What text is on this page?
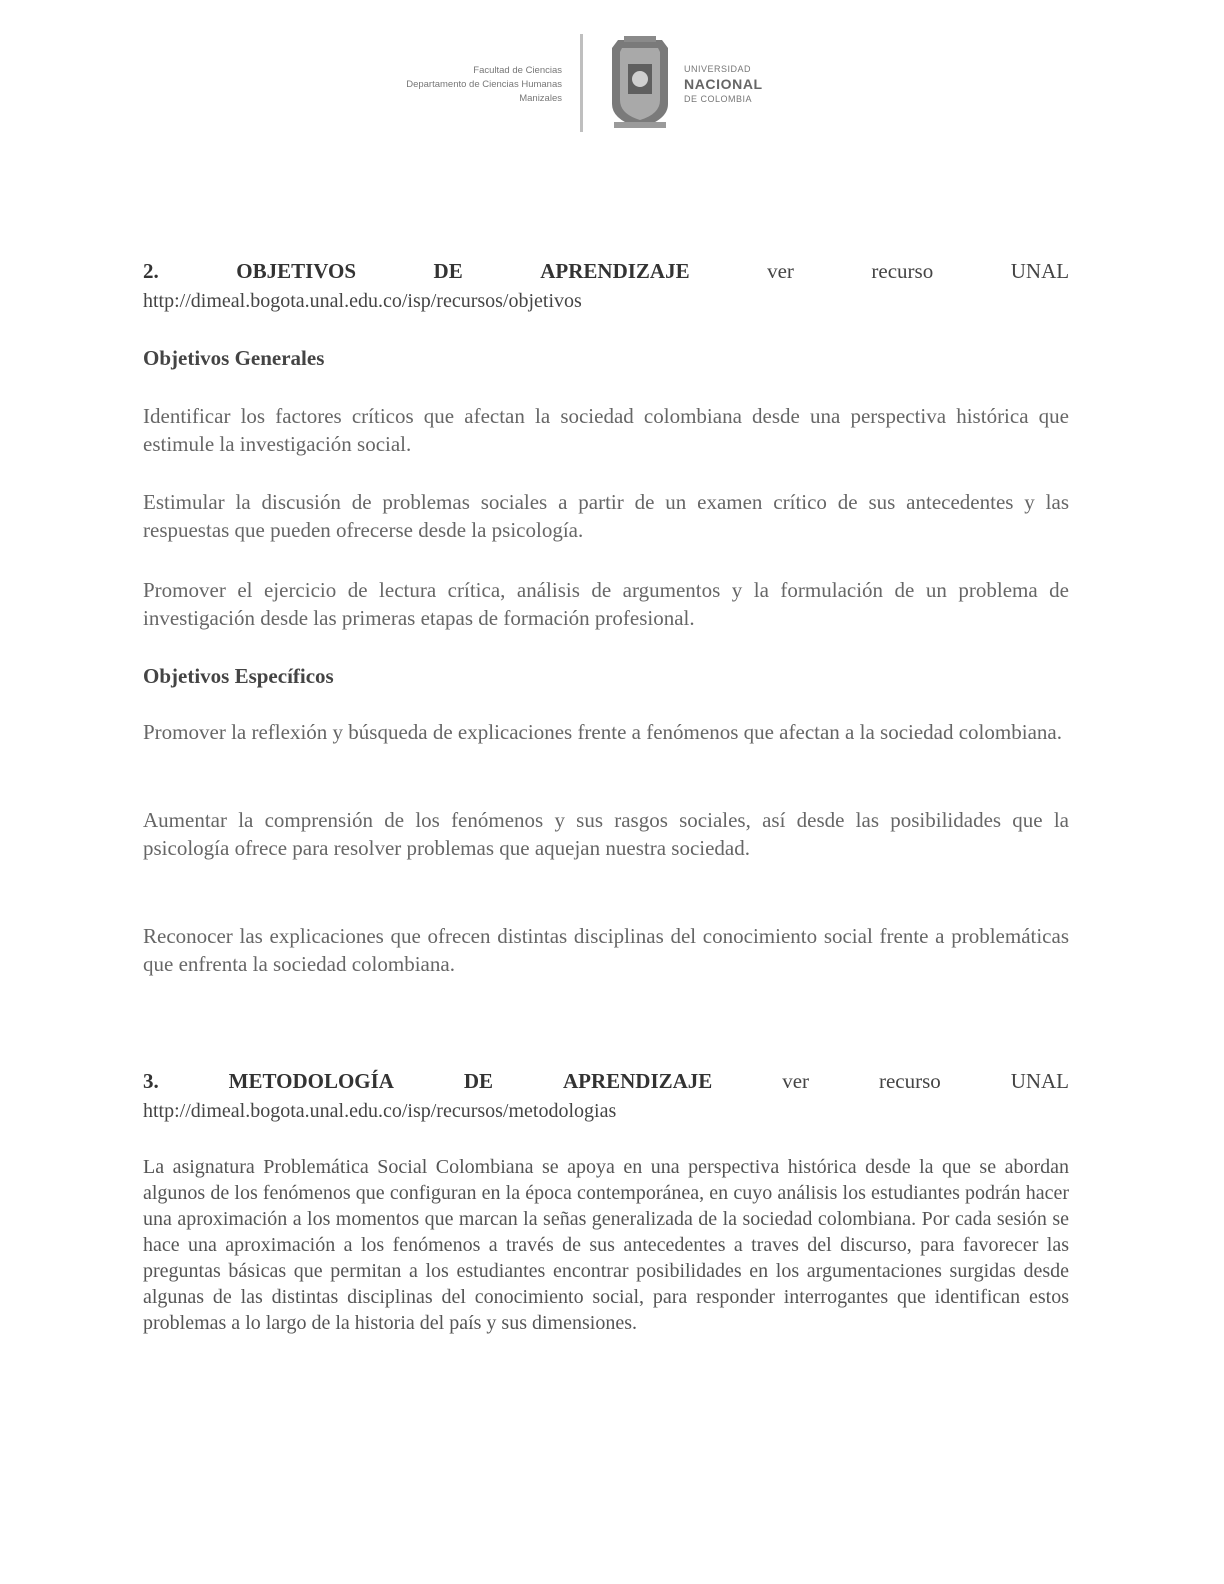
Facultad de Ciencias
Departamento de Ciencias Humanas
Manizales
UNIVERSIDAD
NACIONAL
DE COLOMBIA

2.	OBJETIVOS	DE	APRENDIZAJE	ver	recurso	UNAL

http://dimeal.bogota.unal.edu.co/isp/recursos/objetivos

Objetivos Generales

Identificar los factores críticos que afectan la sociedad colombiana desde una perspectiva histórica que estimule la investigación social.

Estimular la discusión de problemas sociales a partir de un examen crítico de sus antecedentes y las respuestas que pueden ofrecerse desde la psicología.

Promover el ejercicio de lectura crítica, análisis de argumentos y la formulación de un problema de investigación desde las primeras etapas de formación profesional.

Objetivos Específicos

Promover la reflexión y búsqueda de explicaciones frente a fenómenos que afectan a la sociedad colombiana.

Aumentar la comprensión de los fenómenos y sus rasgos sociales, así desde las posibilidades que la psicología ofrece para resolver problemas que aquejan nuestra sociedad.

Reconocer las explicaciones que ofrecen distintas disciplinas del conocimiento social frente a problemáticas que enfrenta la sociedad colombiana.

3.	METODOLOGÍA	DE	APRENDIZAJE	ver	recurso	UNAL

http://dimeal.bogota.unal.edu.co/isp/recursos/metodologias

La asignatura Problemática Social Colombiana se apoya en una perspectiva histórica desde la que se abordan algunos de los fenómenos que configuran en la época contemporánea, en cuyo análisis los estudiantes podrán hacer una aproximación a los momentos que marcan la señas generalizada de la sociedad colombiana. Por cada sesión se hace una aproximación a los fenómenos a través de sus antecedentes a traves del discurso, para favorecer las preguntas básicas que permitan a los estudiantes encontrar posibilidades en los argumentaciones surgidas desde algunas de las distintas disciplinas del conocimiento social, para responder interrogantes que identifican estos problemas a lo largo de la historia del país y sus dimensiones.
